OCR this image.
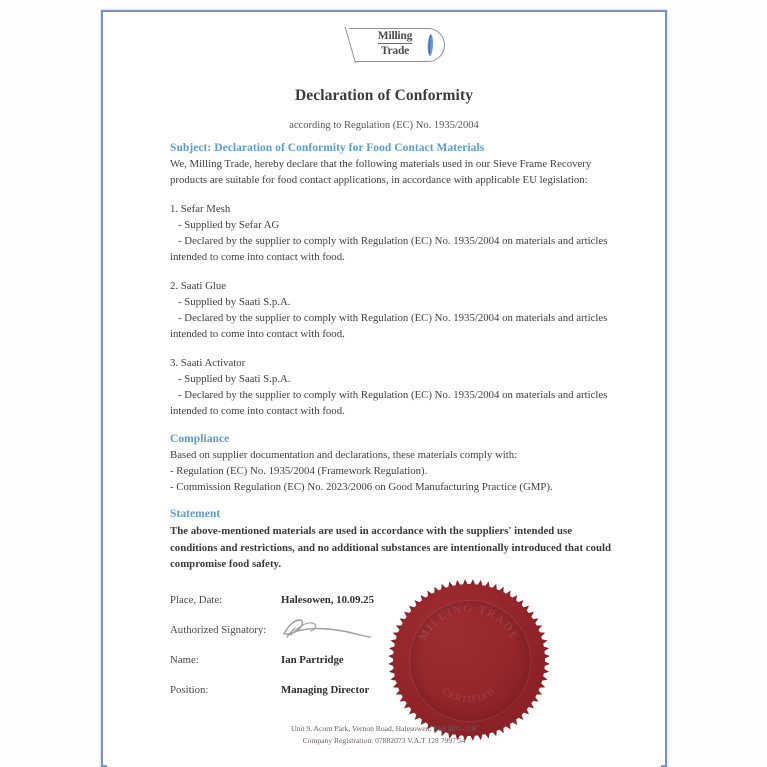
Milling
Trade
Declaration of Conformity
according to Regulation (EC) No. 1935/2004

Subject: Declaration of Conformity for Food Contact Materials

We, Milling Trade, hereby declare that the following materials used in our Sieve Frame Recovery products are suitable for food contact applications, in accordance with applicable EU legislation:

1. Sefar Mesh

- Supplied by Sefar AG

- Declared by the supplier to comply with Regulation (EC) No. 1935/2004 on materials and articles intended to come into contact with food.

2. Saati Glue

- Supplied by Saati S.p.A.

- Declared by the supplier to comply with Regulation (EC) No. 1935/2004 on materials and articles intended to come into contact with food.

3. Saati Activator

- Supplied by Saati S.p.A.

- Declared by the supplier to comply with Regulation (EC) No. 1935/2004 on materials and articles intended to come into contact with food.

Compliance

Based on supplier documentation and declarations, these materials comply with:

- Regulation (EC) No. 1935/2004 (Framework Regulation).

- Commission Regulation (EC) No. 2023/2006 on Good Manufacturing Practice (GMP).

Statement

The above-mentioned materials are used in accordance with the suppliers' intended use conditions and restrictions, and no additional substances are intentionally introduced that could compromise food safety.

Place, Date:	Halesowen, 10.09.25
Authorized Signatory:
Name:	Ian Partridge
Position:	Managing Director
MILLING TRADE
CERTIFIED
Unit 9, Acorn Park, Vernon Road, Halesowen, B68 8EG- UK
Company Registration: 07882073 V.A.T 128 7997 54
